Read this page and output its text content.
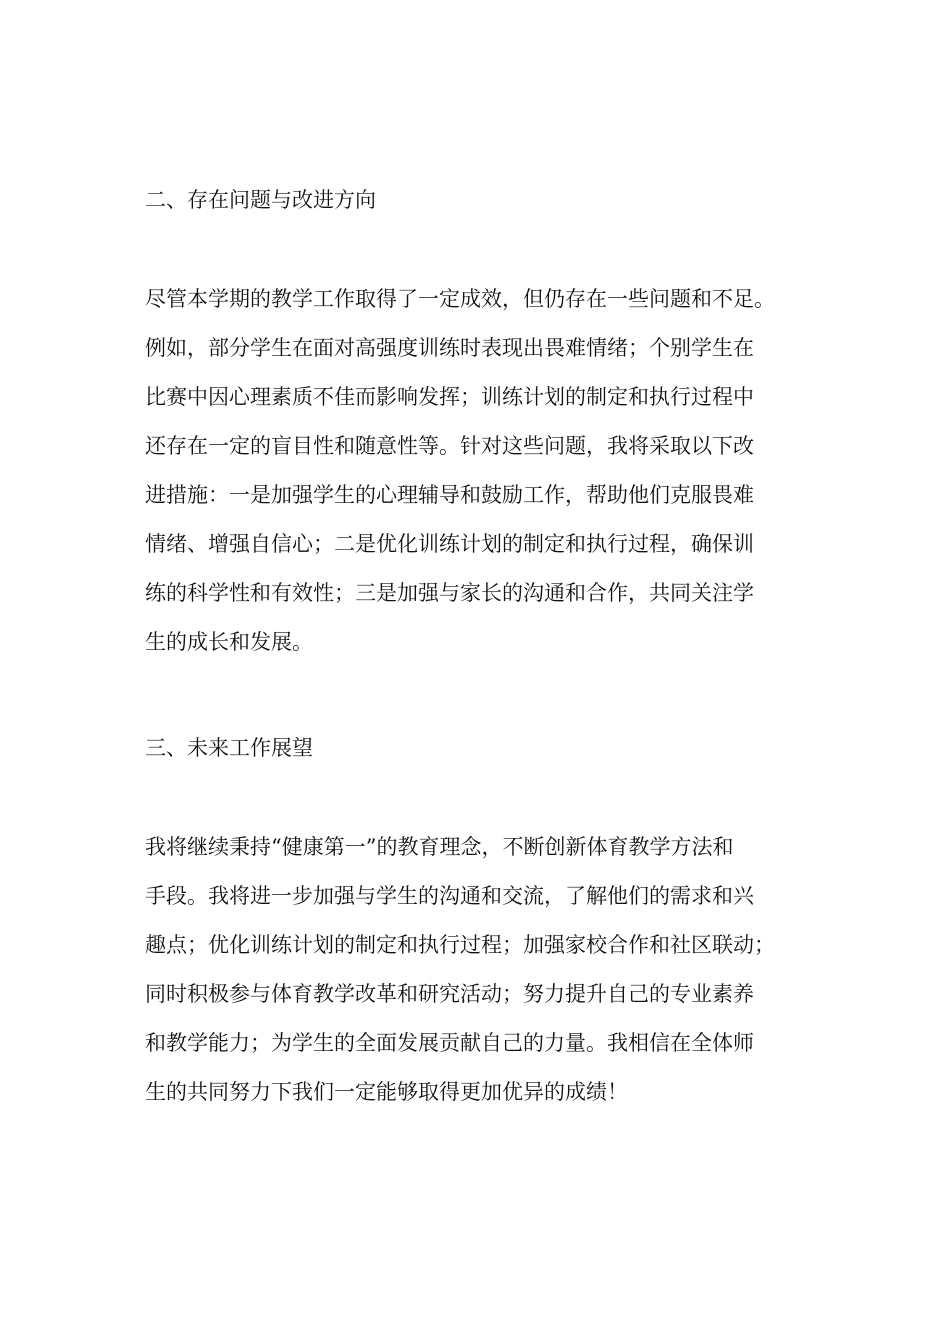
二、存在问题与改进方向
尽管本学期的教学工作取得了一定成效，但仍存在一些问题和不足。
例如，部分学生在面对高强度训练时表现出畏难情绪；个别学生在
比赛中因心理素质不佳而影响发挥；训练计划的制定和执行过程中
还存在一定的盲目性和随意性等。针对这些问题，我将采取以下改
进措施：一是加强学生的心理辅导和鼓励工作，帮助他们克服畏难
情绪、增强自信心；二是优化训练计划的制定和执行过程，确保训
练的科学性和有效性；三是加强与家长的沟通和合作，共同关注学
生的成长和发展。
三、未来工作展望
我将继续秉持“健康第一”的教育理念，不断创新体育教学方法和
手段。我将进一步加强与学生的沟通和交流，了解他们的需求和兴
趣点；优化训练计划的制定和执行过程；加强家校合作和社区联动；
同时积极参与体育教学改革和研究活动；努力提升自己的专业素养
和教学能力；为学生的全面发展贡献自己的力量。我相信在全体师
生的共同努力下我们一定能够取得更加优异的成绩！
